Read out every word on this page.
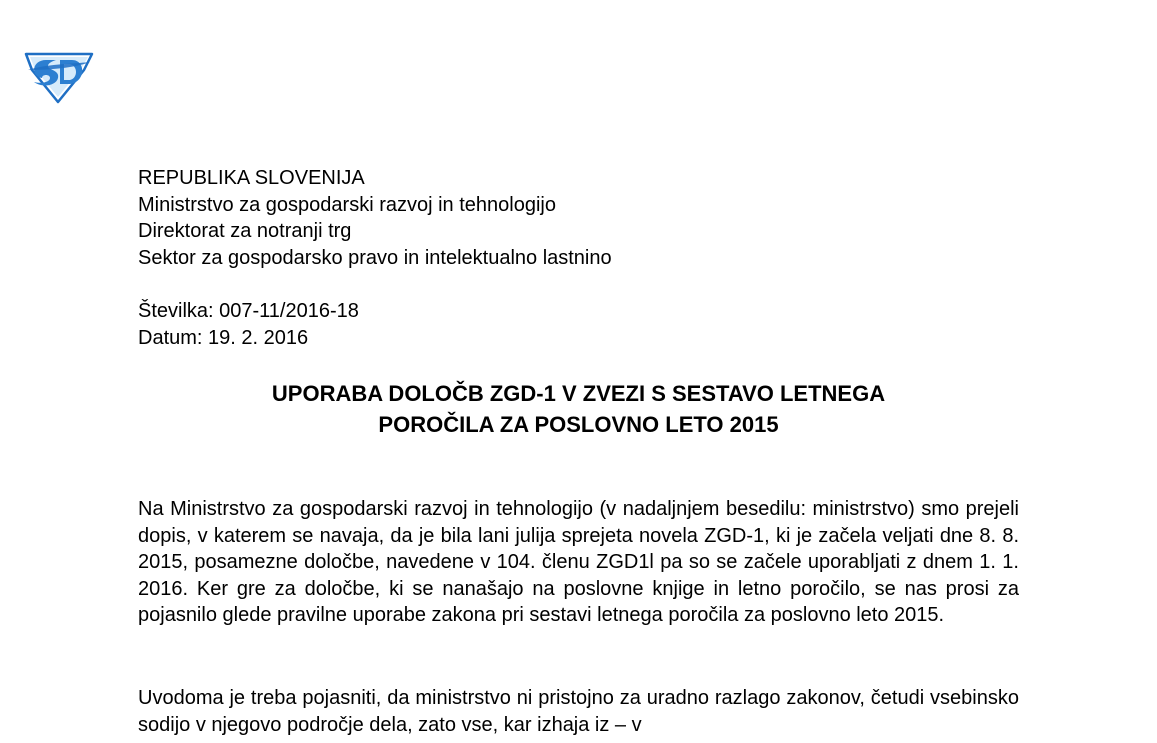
REPUBLIKA SLOVENIJA
Ministrstvo za gospodarski razvoj in tehnologijo
Direktorat za notranji trg
Sektor za gospodarsko pravo in intelektualno lastnino
Številka: 007-11/2016-18
Datum: 19. 2. 2016
UPORABA DOLOČB ZGD-1 V ZVEZI S SESTAVO LETNEGA
POROČILA ZA POSLOVNO LETO 2015

Na Ministrstvo za gospodarski razvoj in tehnologijo (v nadaljnjem besedilu: ministrstvo) smo prejeli dopis, v katerem se navaja, da je bila lani julija sprejeta novela ZGD-1, ki je začela veljati dne 8. 8. 2015, posamezne določbe, navedene v 104. členu ZGD1l pa so se začele uporabljati z dnem 1. 1. 2016. Ker gre za določbe, ki se nanašajo na poslovne knjige in letno poročilo, se nas prosi za pojasnilo glede pravilne uporabe zakona pri sestavi letnega poročila za poslovno leto 2015.

Uvodoma je treba pojasniti, da ministrstvo ni pristojno za uradno razlago zakonov, četudi vsebinsko sodijo v njegovo področje dela, zato vse, kar izhaja iz – v
